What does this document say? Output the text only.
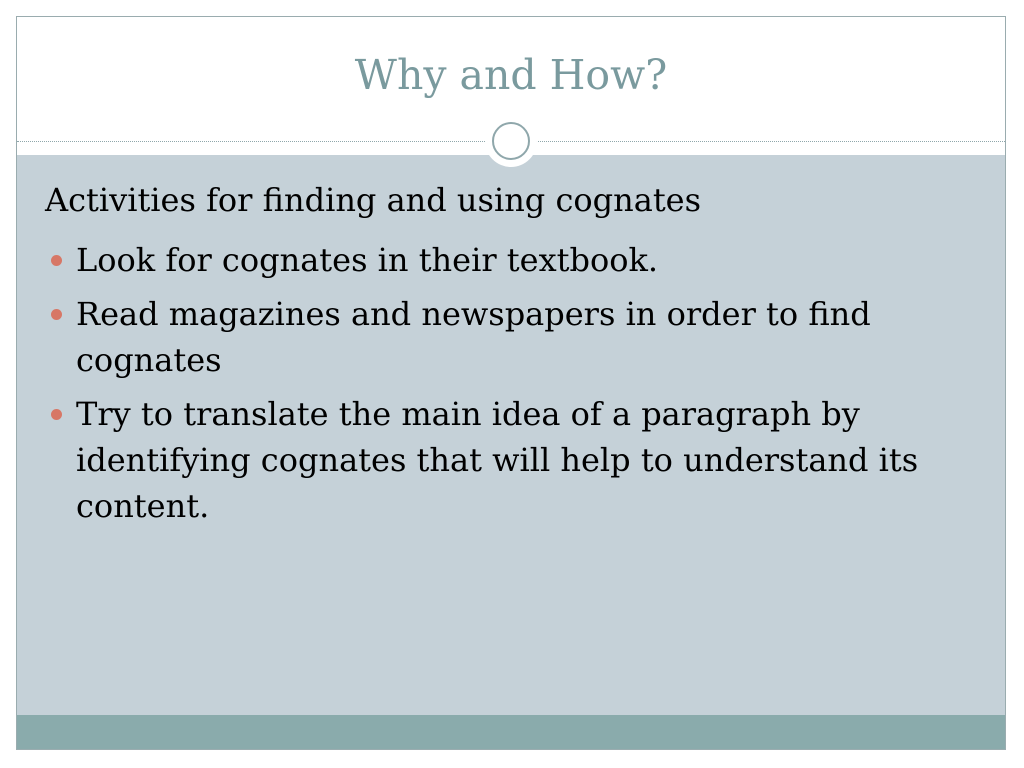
Why and How?
Activities for finding and using cognates
Look for cognates in their textbook.
Read magazines and newspapers in order to find cognates
Try to translate the main idea of a paragraph by identifying cognates that will help to understand its content.
